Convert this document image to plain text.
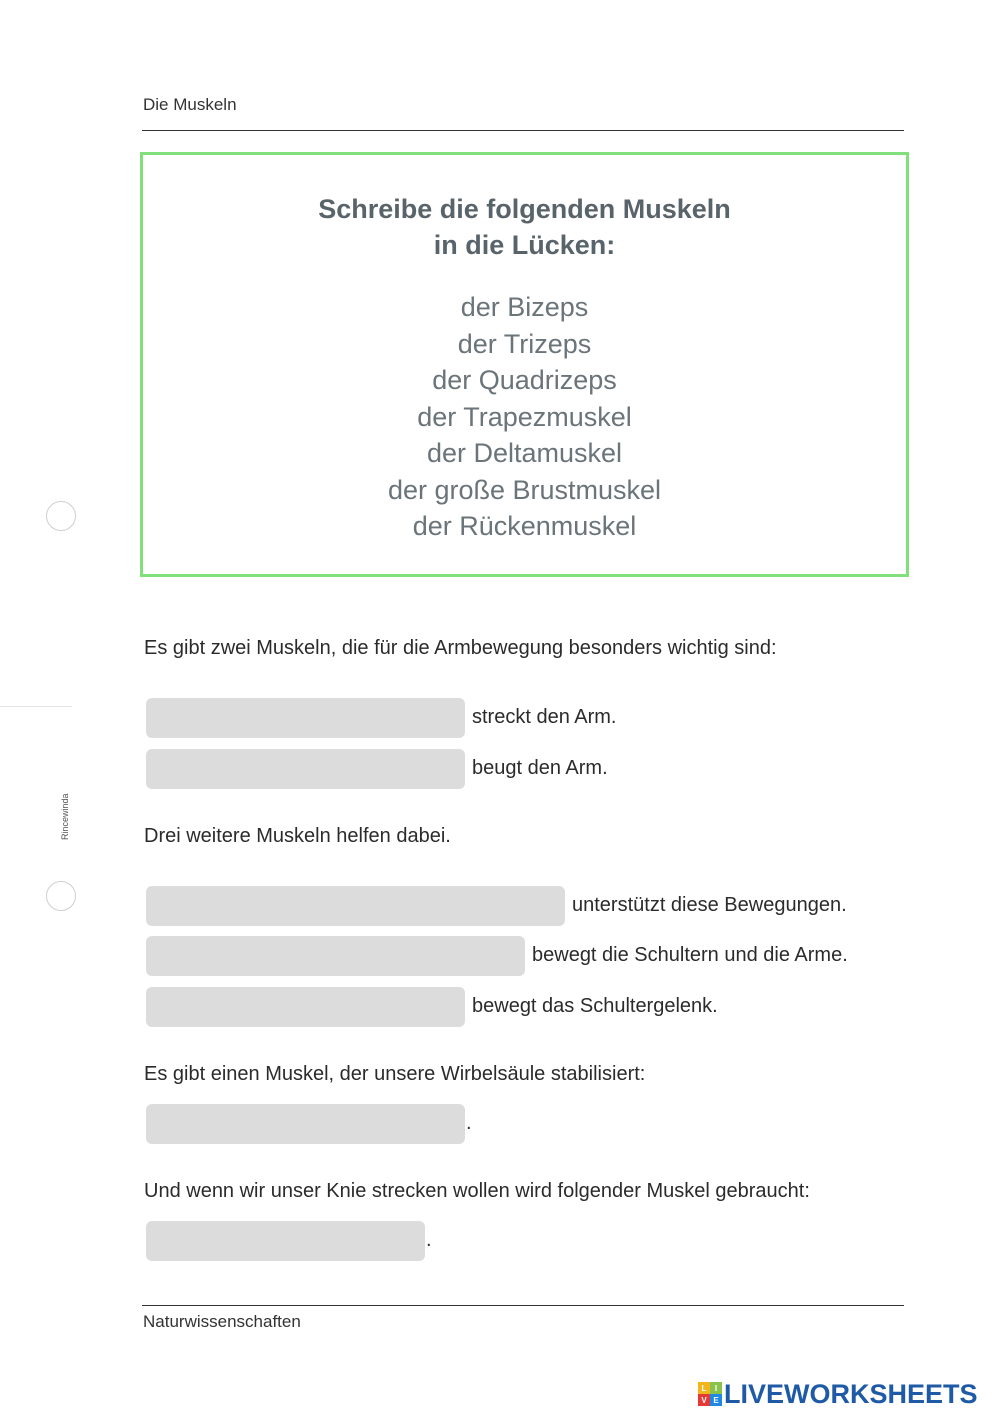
Die Muskeln
Schreibe die folgenden Muskeln
in die Lücken:
der Bizeps
der Trizeps
der Quadrizeps
der Trapezmuskel
der Deltamuskel
der große Brustmuskel
der Rückenmuskel
Rincewinda
Es gibt zwei Muskeln, die für die Armbewegung besonders wichtig sind:
streckt den Arm.
beugt den Arm.
Drei weitere Muskeln helfen dabei.
unterstützt diese Bewegungen.
bewegt die Schultern und die Arme.
bewegt das Schultergelenk.
Es gibt einen Muskel, der unsere Wirbelsäule stabilisiert:
.
Und wenn wir unser Knie strecken wollen wird folgender Muskel gebraucht:
.
Naturwissenschaften
L	I
V E LIVEWORKSHEETS
